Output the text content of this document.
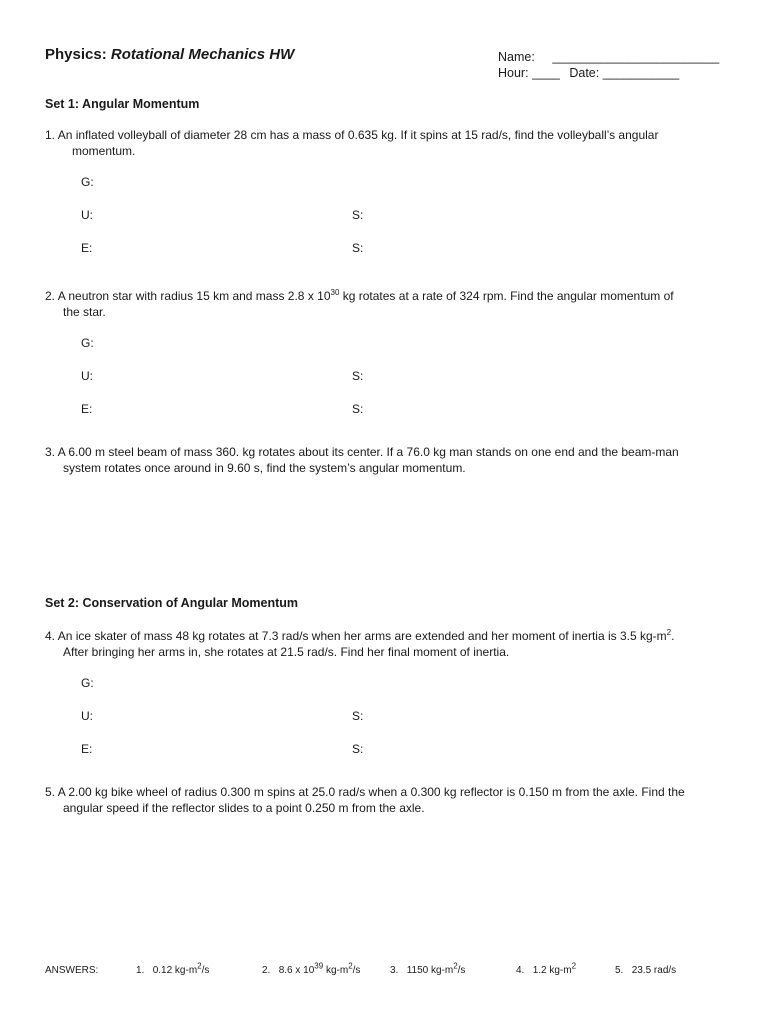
Physics: Rotational Mechanics HW	Name: ________________________
Hour: ____ Date: ___________
Set 1: Angular Momentum
1. An inflated volleyball of diameter 28 cm has a mass of 0.635 kg. If it spins at 15 rad/s, find the volleyball’s angular
momentum.
G:
U:	S:
E:	S:
2. A neutron star with radius 15 km and mass 2.8 x $10^{30}$ kg rotates at a rate of 324 rpm. Find the angular momentum of
the star.
G:
U:	S:
E:	S:
3. A 6.00 m steel beam of mass 360. kg rotates about its center. If a 76.0 kg man stands on one end and the beam-man
system rotates once around in 9.60 s, find the system’s angular momentum.
Set 2: Conservation of Angular Momentum
4. An ice skater of mass 48 kg rotates at 7.3 rad/s when her arms are extended and her moment of inertia is 3.5 $kg-m^2$.
After bringing her arms in, she rotates at 21.5 rad/s. Find her final moment of inertia.
G:
U:	S:
E:	S:
5. A 2.00 kg bike wheel of radius 0.300 m spins at 25.0 rad/s when a 0.300 kg reflector is 0.150 m from the axle. Find the
angular speed if the reflector slides to a point 0.250 m from the axle.
ANSWERS:	1. 0.12 $kg-m^2/s$	2. 8.6 x $10^{39}$ $kg-m^2/s$	3. 1150 $kg-m^2/s$	4. 1.2 $kg-m^2$	5. 23.5 rad/s
